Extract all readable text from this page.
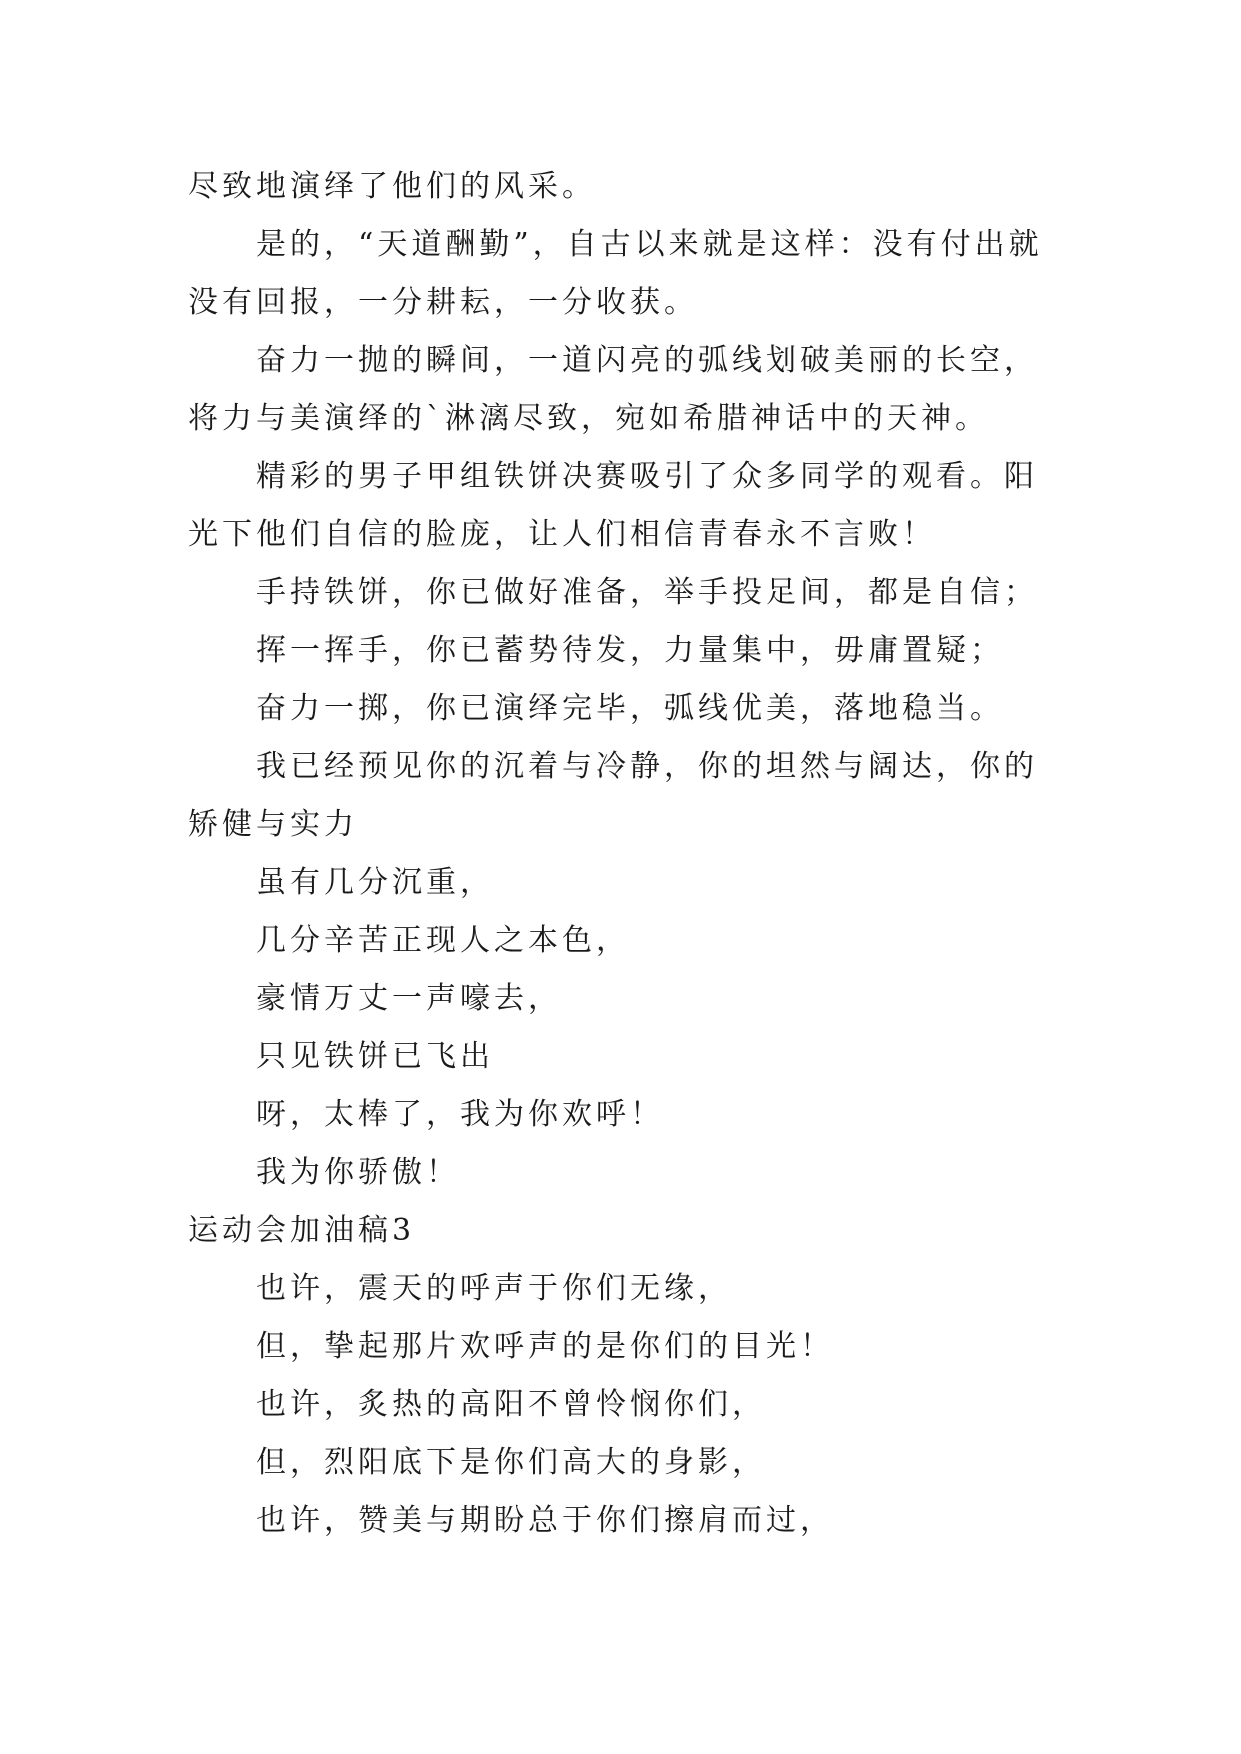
尽致地演绎了他们的风采。

是的，“天道酬勤”，自古以来就是这样：没有付出就没有回报，一分耕耘，一分收获。

奋力一抛的瞬间，一道闪亮的弧线划破美丽的长空，将力与美演绎的`淋漓尽致，宛如希腊神话中的天神。

精彩的男子甲组铁饼决赛吸引了众多同学的观看。阳光下他们自信的脸庞，让人们相信青春永不言败！

手持铁饼，你已做好准备，举手投足间，都是自信；

挥一挥手，你已蓄势待发，力量集中，毋庸置疑；

奋力一掷，你已演绎完毕，弧线优美，落地稳当。

我已经预见你的沉着与冷静，你的坦然与阔达，你的矫健与实力

虽有几分沉重，

几分辛苦正现人之本色，

豪情万丈一声嚎去，

只见铁饼已飞出

呀，太棒了，我为你欢呼！

我为你骄傲！

运动会加油稿3

也许，震天的呼声于你们无缘，

但，挚起那片欢呼声的是你们的目光！

也许，炙热的高阳不曾怜悯你们，

但，烈阳底下是你们高大的身影，

也许，赞美与期盼总于你们擦肩而过，
